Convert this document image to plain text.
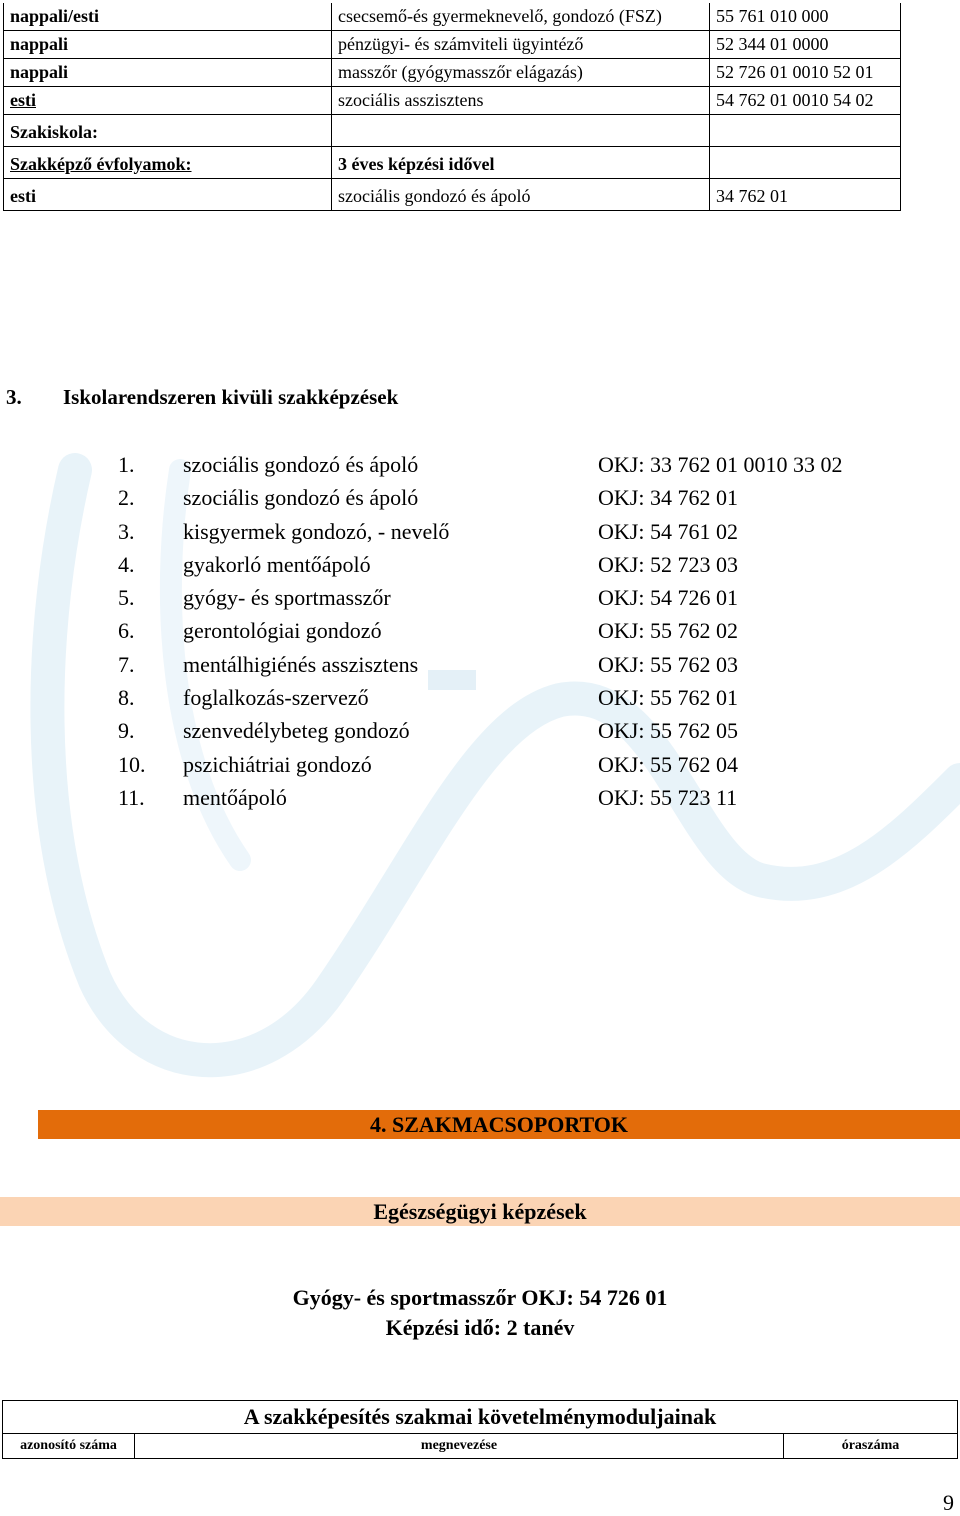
nappali/esti	csecsemő-és gyermeknevelő, gondozó (FSZ)	55 761 010 000
nappali	pénzügyi- és számviteli ügyintéző	52 344 01 0000
nappali	masszőr (gyógymasszőr elágazás)	52 726 01 0010 52 01
esti	szociális asszisztens	54 762 01 0010 54 02
Szakiskola:		
Szakképző évfolyamok:	3 éves képzési idővel	
esti	szociális gondozó és ápoló	34 762 01
3. Iskolarendszeren kivüli szakképzések
1.	szociális gondozó és ápoló	OKJ: 33 762 01 0010 33 02
2.	szociális gondozó és ápoló	OKJ: 34 762 01
3.	kisgyermek gondozó, - nevelő	OKJ: 54 761 02
4.	gyakorló mentőápoló	OKJ: 52 723 03
5.	gyógy- és sportmasszőr	OKJ: 54 726 01
6.	gerontológiai gondozó	OKJ: 55 762 02
7.	mentálhigiénés asszisztens	OKJ: 55 762 03
8.	foglalkozás-szervező	OKJ: 55 762 01
9.	szenvedélybeteg gondozó	OKJ: 55 762 05
10.	pszichiátriai gondozó	OKJ: 55 762 04
11.	mentőápoló	OKJ: 55 723 11
4. SZAKMACSOPORTOK
Egészségügyi képzések
Gyógy- és sportmasszőr OKJ: 54 726 01
Képzési idő: 2 tanév
A szakképesítés szakmai követelménymoduljainak
azonosító száma	megnevezése	óraszáma
9
